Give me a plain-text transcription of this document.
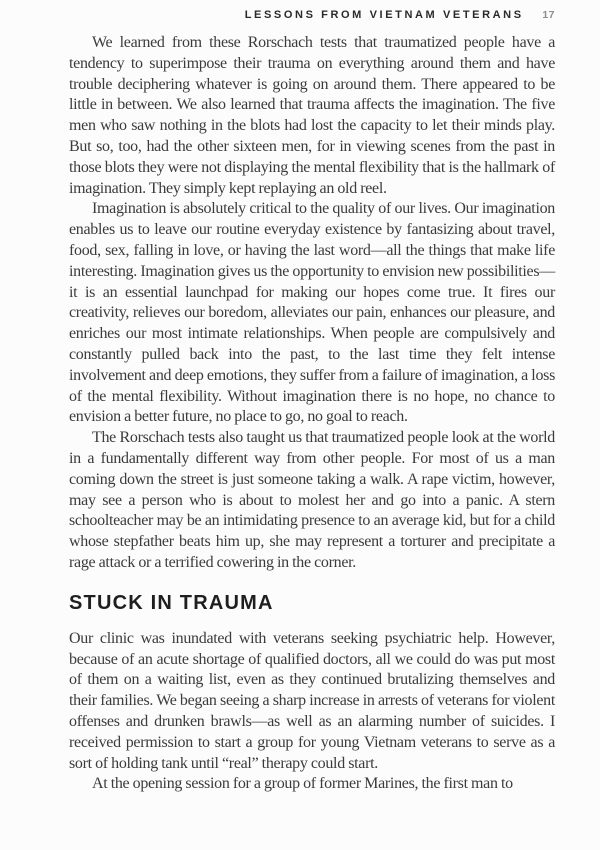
LESSONS FROM VIETNAM VETERANS 17

We learned from these Rorschach tests that traumatized people have a tendency to superimpose their trauma on everything around them and have trouble deciphering whatever is going on around them. There appeared to be little in between. We also learned that trauma affects the imagination. The five men who saw nothing in the blots had lost the capacity to let their minds play. But so, too, had the other sixteen men, for in viewing scenes from the past in those blots they were not displaying the mental flexibility that is the hallmark of imagination. They simply kept replaying an old reel.

Imagination is absolutely critical to the quality of our lives. Our imagination enables us to leave our routine everyday existence by fantasizing about travel, food, sex, falling in love, or having the last word—all the things that make life interesting. Imagination gives us the opportunity to envision new possibilities—it is an essential launchpad for making our hopes come true. It fires our creativity, relieves our boredom, alleviates our pain, enhances our pleasure, and enriches our most intimate relationships. When people are compulsively and constantly pulled back into the past, to the last time they felt intense involvement and deep emotions, they suffer from a failure of imagination, a loss of the mental flexibility. Without imagination there is no hope, no chance to envision a better future, no place to go, no goal to reach.

The Rorschach tests also taught us that traumatized people look at the world in a fundamentally different way from other people. For most of us a man coming down the street is just someone taking a walk. A rape victim, however, may see a person who is about to molest her and go into a panic. A stern schoolteacher may be an intimidating presence to an average kid, but for a child whose stepfather beats him up, she may represent a torturer and precipitate a rage attack or a terrified cowering in the corner.

STUCK IN TRAUMA

Our clinic was inundated with veterans seeking psychiatric help. However, because of an acute shortage of qualified doctors, all we could do was put most of them on a waiting list, even as they continued brutalizing themselves and their families. We began seeing a sharp increase in arrests of veterans for violent offenses and drunken brawls—as well as an alarming number of suicides. I received permission to start a group for young Vietnam veterans to serve as a sort of holding tank until “real” therapy could start.

At the opening session for a group of former Marines, the first man to
